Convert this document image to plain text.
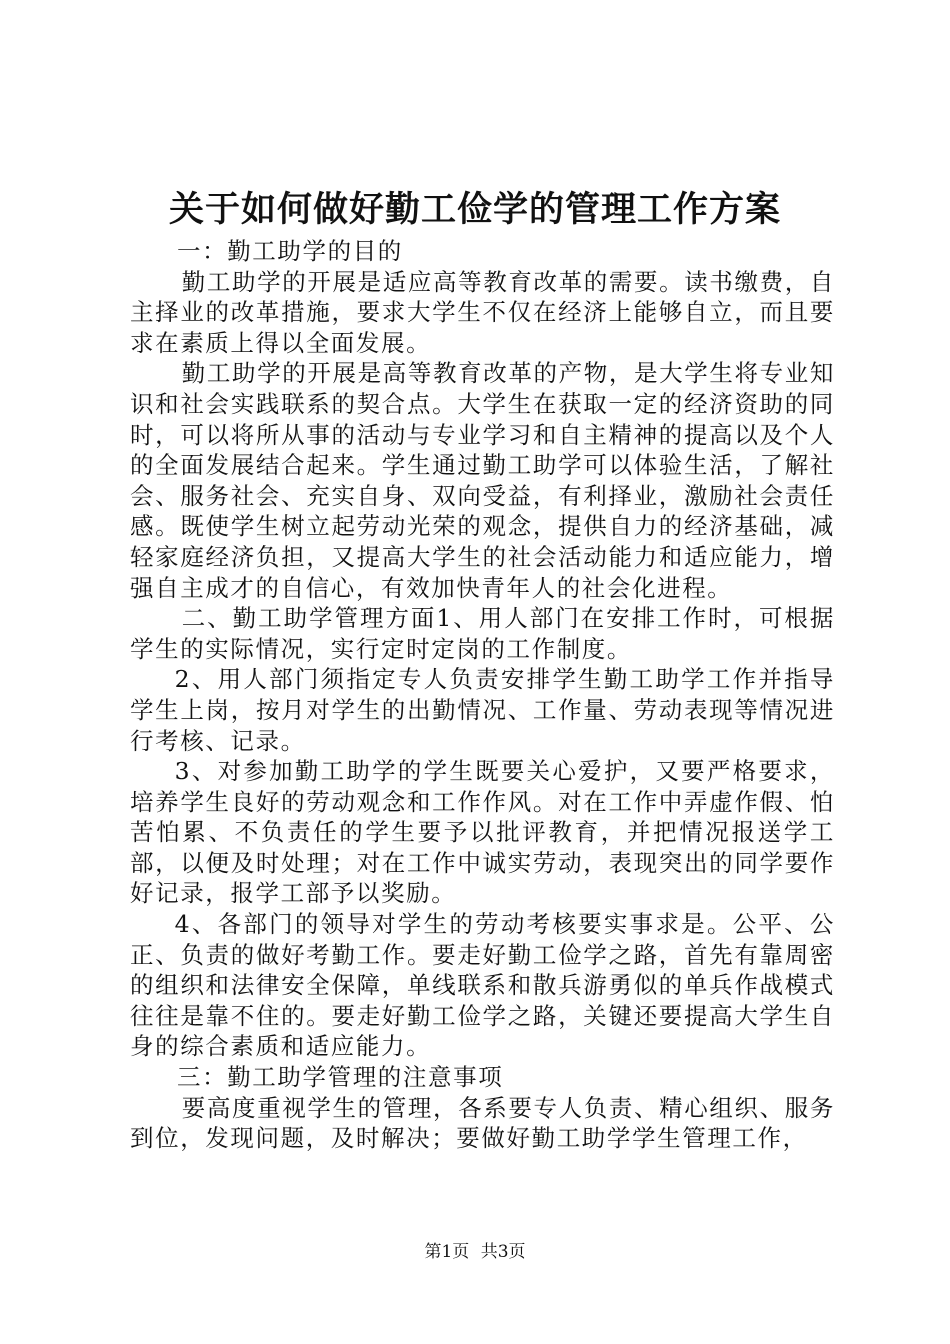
关于如何做好勤工俭学的管理工作方案

一：勤工助学的目的

勤工助学的开展是适应高等教育改革的需要。读书缴费，自主择业的改革措施，要求大学生不仅在经济上能够自立，而且要求在素质上得以全面发展。

勤工助学的开展是高等教育改革的产物，是大学生将专业知识和社会实践联系的契合点。大学生在获取一定的经济资助的同时，可以将所从事的活动与专业学习和自主精神的提高以及个人的全面发展结合起来。学生通过勤工助学可以体验生活，了解社会、服务社会、充实自身、双向受益，有利择业，激励社会责任感。既使学生树立起劳动光荣的观念，提供自力的经济基础，减轻家庭经济负担，又提高大学生的社会活动能力和适应能力，增强自主成才的自信心，有效加快青年人的社会化进程。

二、勤工助学管理方面1、用人部门在安排工作时，可根据学生的实际情况，实行定时定岗的工作制度。

2、用人部门须指定专人负责安排学生勤工助学工作并指导学生上岗，按月对学生的出勤情况、工作量、劳动表现等情况进行考核、记录。

3、对参加勤工助学的学生既要关心爱护，又要严格要求，培养学生良好的劳动观念和工作作风。对在工作中弄虚作假、怕苦怕累、不负责任的学生要予以批评教育，并把情况报送学工部，以便及时处理；对在工作中诚实劳动，表现突出的同学要作好记录，报学工部予以奖励。

4、各部门的领导对学生的劳动考核要实事求是。公平、公正、负责的做好考勤工作。要走好勤工俭学之路，首先有靠周密的组织和法律安全保障，单线联系和散兵游勇似的单兵作战模式往往是靠不住的。要走好勤工俭学之路，关键还要提高大学生自身的综合素质和适应能力。

三：勤工助学管理的注意事项

要高度重视学生的管理，各系要专人负责、精心组织、服务到位，发现问题，及时解决；要做好勤工助学学生管理工作，

第1页 共3页
